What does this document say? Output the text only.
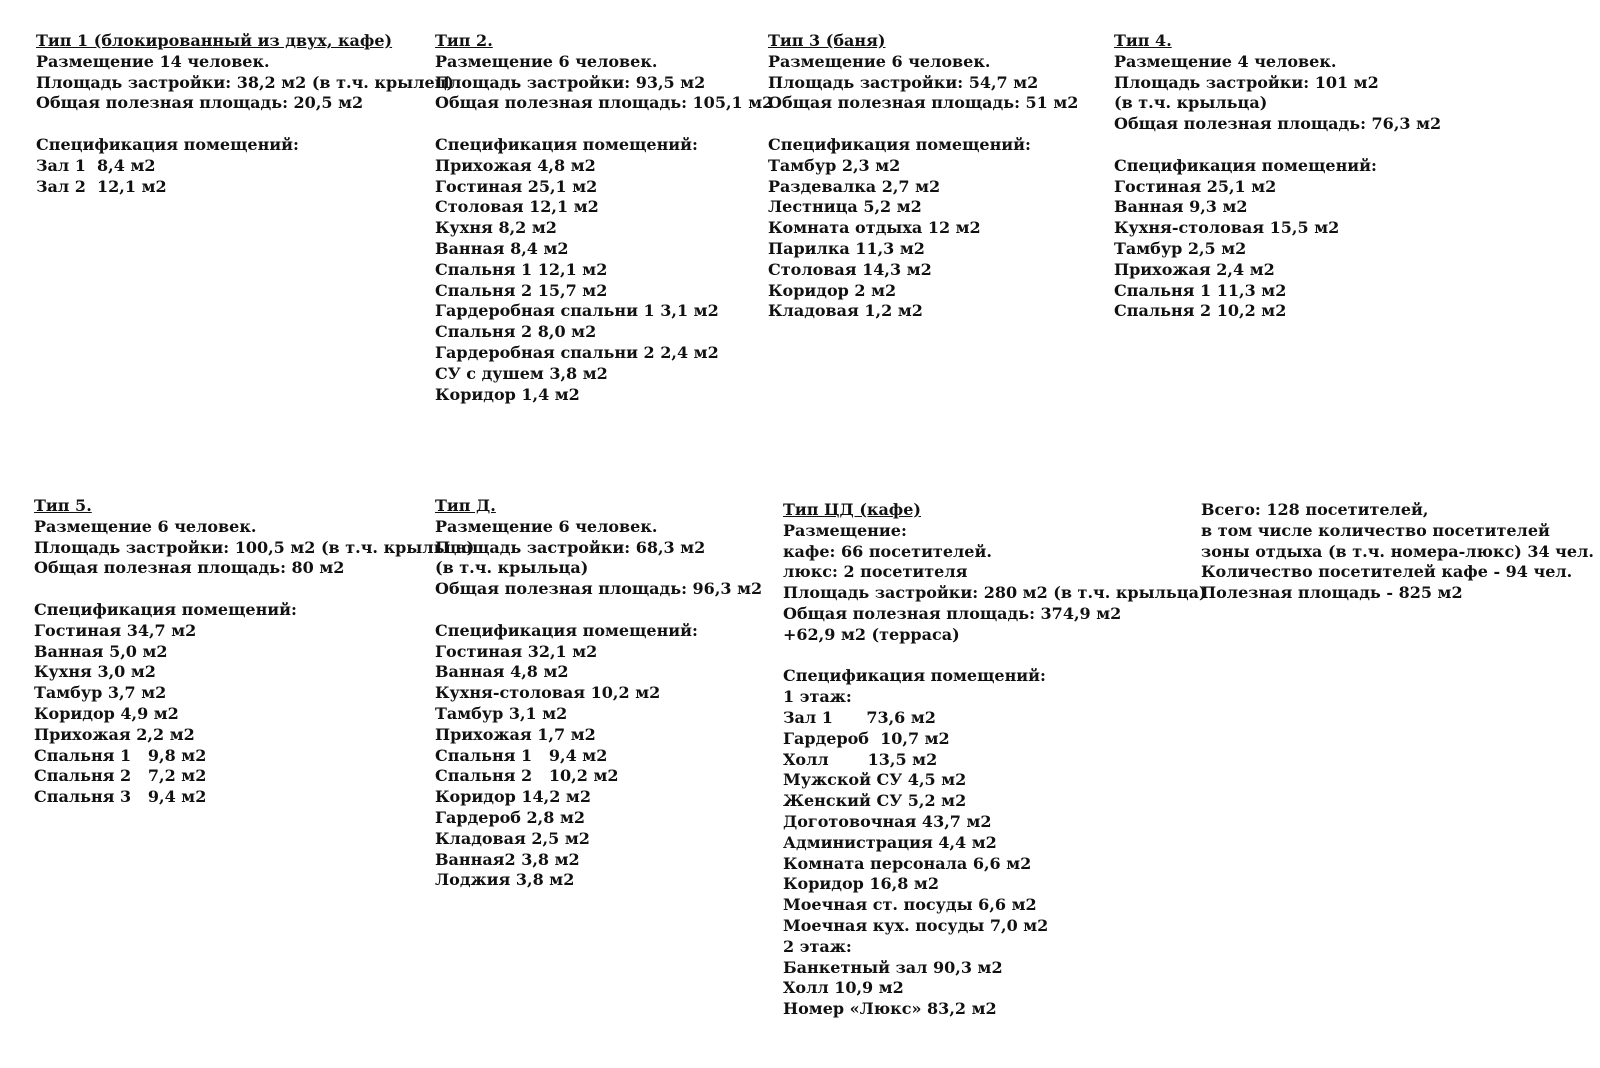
Тип 1 (блокированный из двух, кафе)
Размещение 14 человек.
Площадь застройки: 38,2 м2 (в т.ч. крылец)
Общая полезная площадь: 20,5 м2
Спецификация помещений:
Зал 1  8,4 м2
Зал 2  12,1 м2
Тип 2.
Размещение 6 человек.
Площадь застройки: 93,5 м2
Общая полезная площадь: 105,1 м2
Спецификация помещений:
Прихожая 4,8 м2
Гостиная 25,1 м2
Столовая 12,1 м2
Кухня 8,2 м2
Ванная 8,4 м2
Спальня 1 12,1 м2
Спальня 2 15,7 м2
Гардеробная спальни 1 3,1 м2
Спальня 2 8,0 м2
Гардеробная спальни 2 2,4 м2
СУ с душем 3,8 м2
Коридор 1,4 м2
Тип 3 (баня)
Размещение 6 человек.
Площадь застройки: 54,7 м2
Общая полезная площадь: 51 м2
Спецификация помещений:
Тамбур 2,3 м2
Раздевалка 2,7 м2
Лестница 5,2 м2
Комната отдыха 12 м2
Парилка 11,3 м2
Столовая 14,3 м2
Коридор 2 м2
Кладовая 1,2 м2
Тип 4.
Размещение 4 человек.
Площадь застройки: 101 м2
(в т.ч. крыльца)
Общая полезная площадь: 76,3 м2
Спецификация помещений:
Гостиная 25,1 м2
Ванная 9,3 м2
Кухня-столовая 15,5 м2
Тамбур 2,5 м2
Прихожая 2,4 м2
Спальня 1 11,3 м2
Спальня 2 10,2 м2
Тип 5.
Размещение 6 человек.
Площадь застройки: 100,5 м2 (в т.ч. крыльца)
Общая полезная площадь: 80 м2
Спецификация помещений:
Гостиная 34,7 м2
Ванная 5,0 м2
Кухня 3,0 м2
Тамбур 3,7 м2
Коридор 4,9 м2
Прихожая 2,2 м2
Спальня 1   9,8 м2
Спальня 2   7,2 м2
Спальня 3   9,4 м2
Тип Д.
Размещение 6 человек.
Площадь застройки: 68,3 м2
(в т.ч. крыльца)
Общая полезная площадь: 96,3 м2
Спецификация помещений:
Гостиная 32,1 м2
Ванная 4,8 м2
Кухня-столовая 10,2 м2
Тамбур 3,1 м2
Прихожая 1,7 м2
Спальня 1   9,4 м2
Спальня 2   10,2 м2
Коридор 14,2 м2
Гардероб 2,8 м2
Кладовая 2,5 м2
Ванная2 3,8 м2
Лоджия 3,8 м2
Тип ЦД (кафе)
Размещение:
кафе: 66 посетителей.
люкс: 2 посетителя
Площадь застройки: 280 м2 (в т.ч. крыльца)
Общая полезная площадь: 374,9 м2
+62,9 м2 (терраса)
Спецификация помещений:
1 этаж:
Зал 1      73,6 м2
Гардероб  10,7 м2
Холл       13,5 м2
Мужской СУ 4,5 м2
Женский СУ 5,2 м2
Доготовочная 43,7 м2
Администрация 4,4 м2
Комната персонала 6,6 м2
Коридор 16,8 м2
Моечная ст. посуды 6,6 м2
Моечная кух. посуды 7,0 м2
2 этаж:
Банкетный зал 90,3 м2
Холл 10,9 м2
Номер «Люкс» 83,2 м2
Всего: 128 посетителей,
в том числе количество посетителей
зоны отдыха (в т.ч. номера-люкс) 34 чел.
Количество посетителей кафе - 94 чел.
Полезная площадь - 825 м2
